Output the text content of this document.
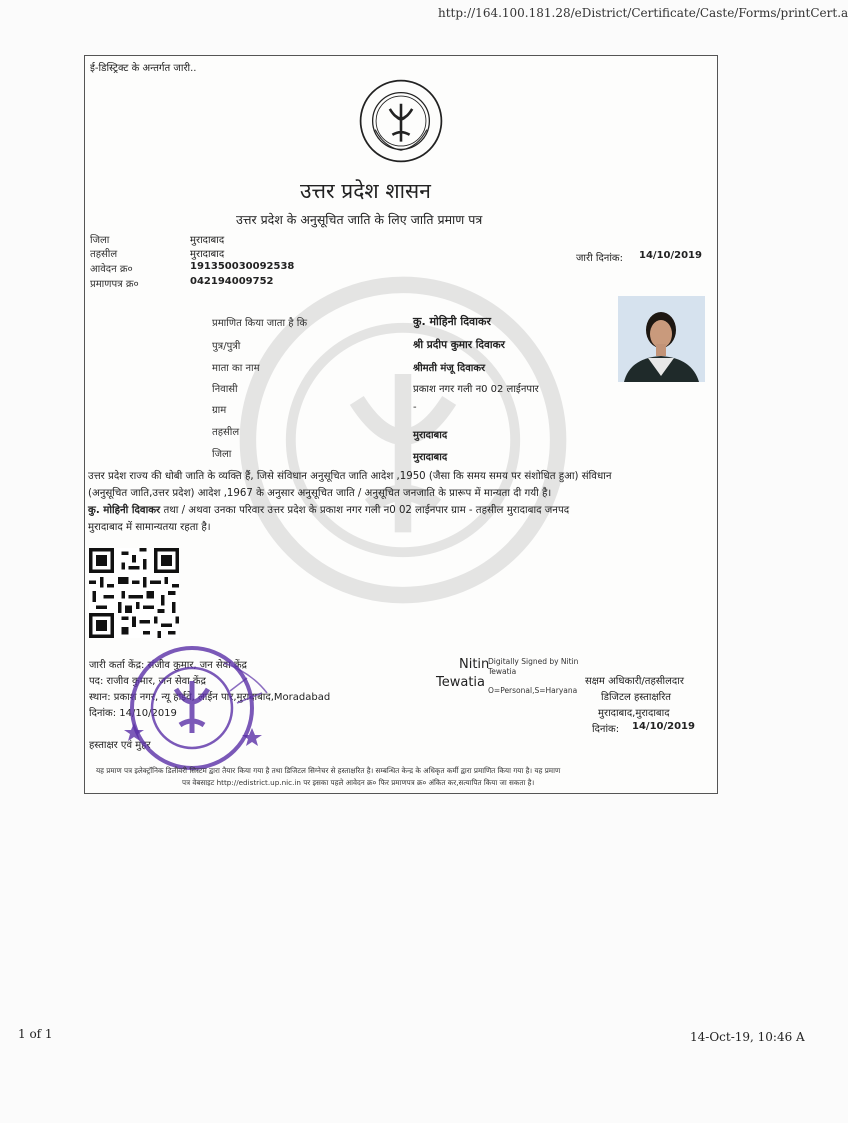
http://164.100.181.28/eDistrict/Certificate/Caste/Forms/printCert.a
ई-डिस्ट्रिक्ट के अन्तर्गत जारी..
उत्तर प्रदेश शासन
उत्तर प्रदेश के अनुसूचित जाति के लिए जाति प्रमाण पत्र
जिला	मुरादाबाद
तहसील	मुरादाबाद
आवेदन क्र०	191350030092538
प्रमाणपत्र क्र०	042194009752
जारी दिनांक: 14/10/2019
प्रमाणित किया जाता है कि	कु. मोहिनी दिवाकर
पुत्र/पुत्री	श्री प्रदीप कुमार दिवाकर
माता का नाम	श्रीमती मंजू दिवाकर
निवासी	प्रकाश नगर गली न0 02 लाईनपार
ग्राम	-
तहसील	मुरादाबाद
जिला	मुरादाबाद
उत्तर प्रदेश राज्य की धोबी जाति के व्यक्ति हैं, जिसे संविधान अनुसूचित जाति आदेश ,1950 (जैसा कि समय समय पर संशोधित हुआ) संविधान
(अनुसूचित जाति,उत्तर प्रदेश) आदेश ,1967 के अनुसार अनुसूचित जाति / अनुसूचित जनजाति के प्रारूप में मान्यता दी गयी है।
कु. मोहिनी दिवाकर तथा / अथवा उनका परिवार उत्तर प्रदेश के प्रकाश नगर गली न0 02 लाईनपार ग्राम - तहसील मुरादाबाद जनपद
मुरादाबाद में सामान्यतया रहता है।
जारी कर्ता केंद्र: संजीव कुमार, जन सेवा केंद्र
पद: राजीव कुमार, जन सेवा केंद्र
स्थान: प्रकाश नगर, न्यू हाईवे, लाईन पार,मुरादाबाद,Moradabad
दिनांक: 14/10/2019
हस्ताक्षर एवं मुहर
Nitin
Tewatia
Digitally Signed by Nitin
Tewatia
O=Personal,S=Haryana
सक्षम अधिकारी/तहसीलदार
डिजिटल हस्ताक्षरित
मुरादाबाद,मुरादाबाद
दिनांक: 14/10/2019
यह प्रमाण पत्र इलेक्ट्रॉनिक डिलीवरी सिस्टम द्वारा तैयार किया गया है तथा डिजिटल सिग्नेचर से हस्ताक्षरित है। सम्बन्धित केन्द्र के अधिकृत कर्मी द्वारा प्रमाणित किया गया है। यह प्रमाण
पत्र वेबसाइट http://edistrict.up.nic.in पर इसका पहले आवेदन क्र० फिर प्रमाणपत्र क्र० अंकित कर,सत्यापित किया जा सकता है।
1 of 1	14-Oct-19, 10:46 A
